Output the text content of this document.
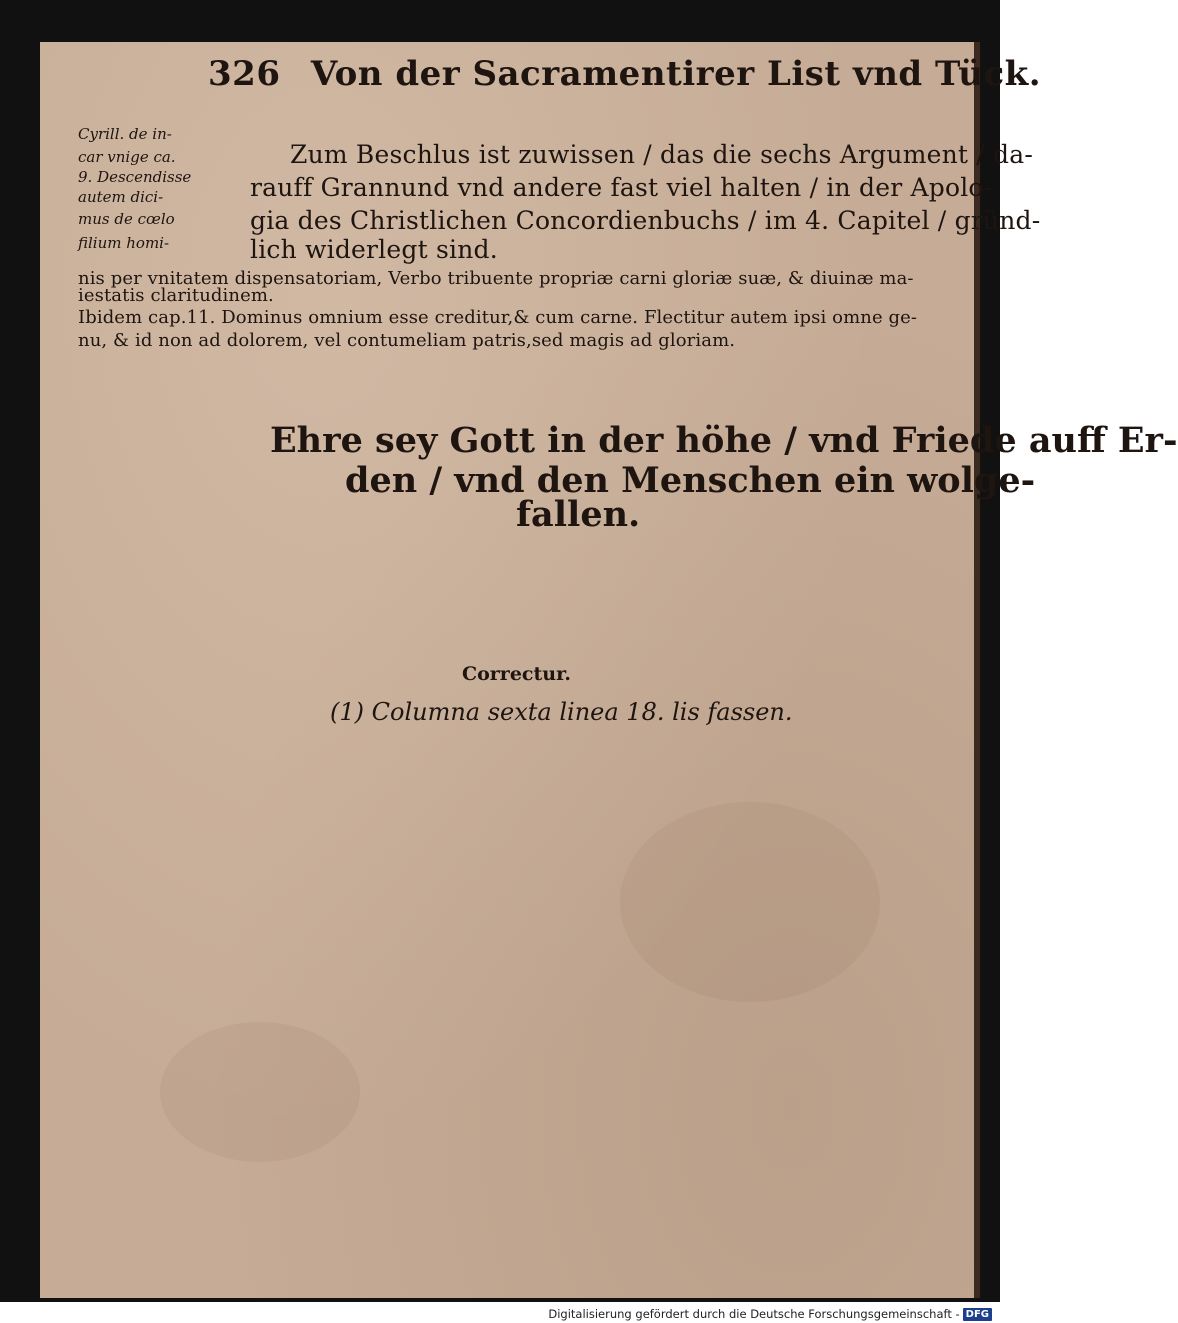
326 Von der Sacramentirer List vnd Tück.
Cyrill. de in-
car vnige ca.
9. Descendisse
autem dici-
mus de cœlo
filium homi-
Zum Beschlus ist zuwissen / das die sechs Argument / da-
rauff Grannund vnd andere fast viel halten / in der Apolo-
gia des Christlichen Concordienbuchs / im 4. Capitel / gründ-
lich widerlegt sind.
nis per vnitatem dispensatoriam, Verbo tribuente propriæ carni gloriæ suæ, & diuinæ ma-
iestatis claritudinem.
Ibidem cap.11. Dominus omnium esse creditur,& cum carne. Flectitur autem ipsi omne ge-
nu, & id non ad dolorem, vel contumeliam patris,sed magis ad gloriam.
Ehre sey Gott in der höhe / vnd Friede auff Er-
den / vnd den Menschen ein wolge-
fallen.
Correctur.
(1) Columna sexta linea 18. lis fassen.
Digitalisierung gefördert durch die Deutsche Forschungsgemeinschaft - DFG
